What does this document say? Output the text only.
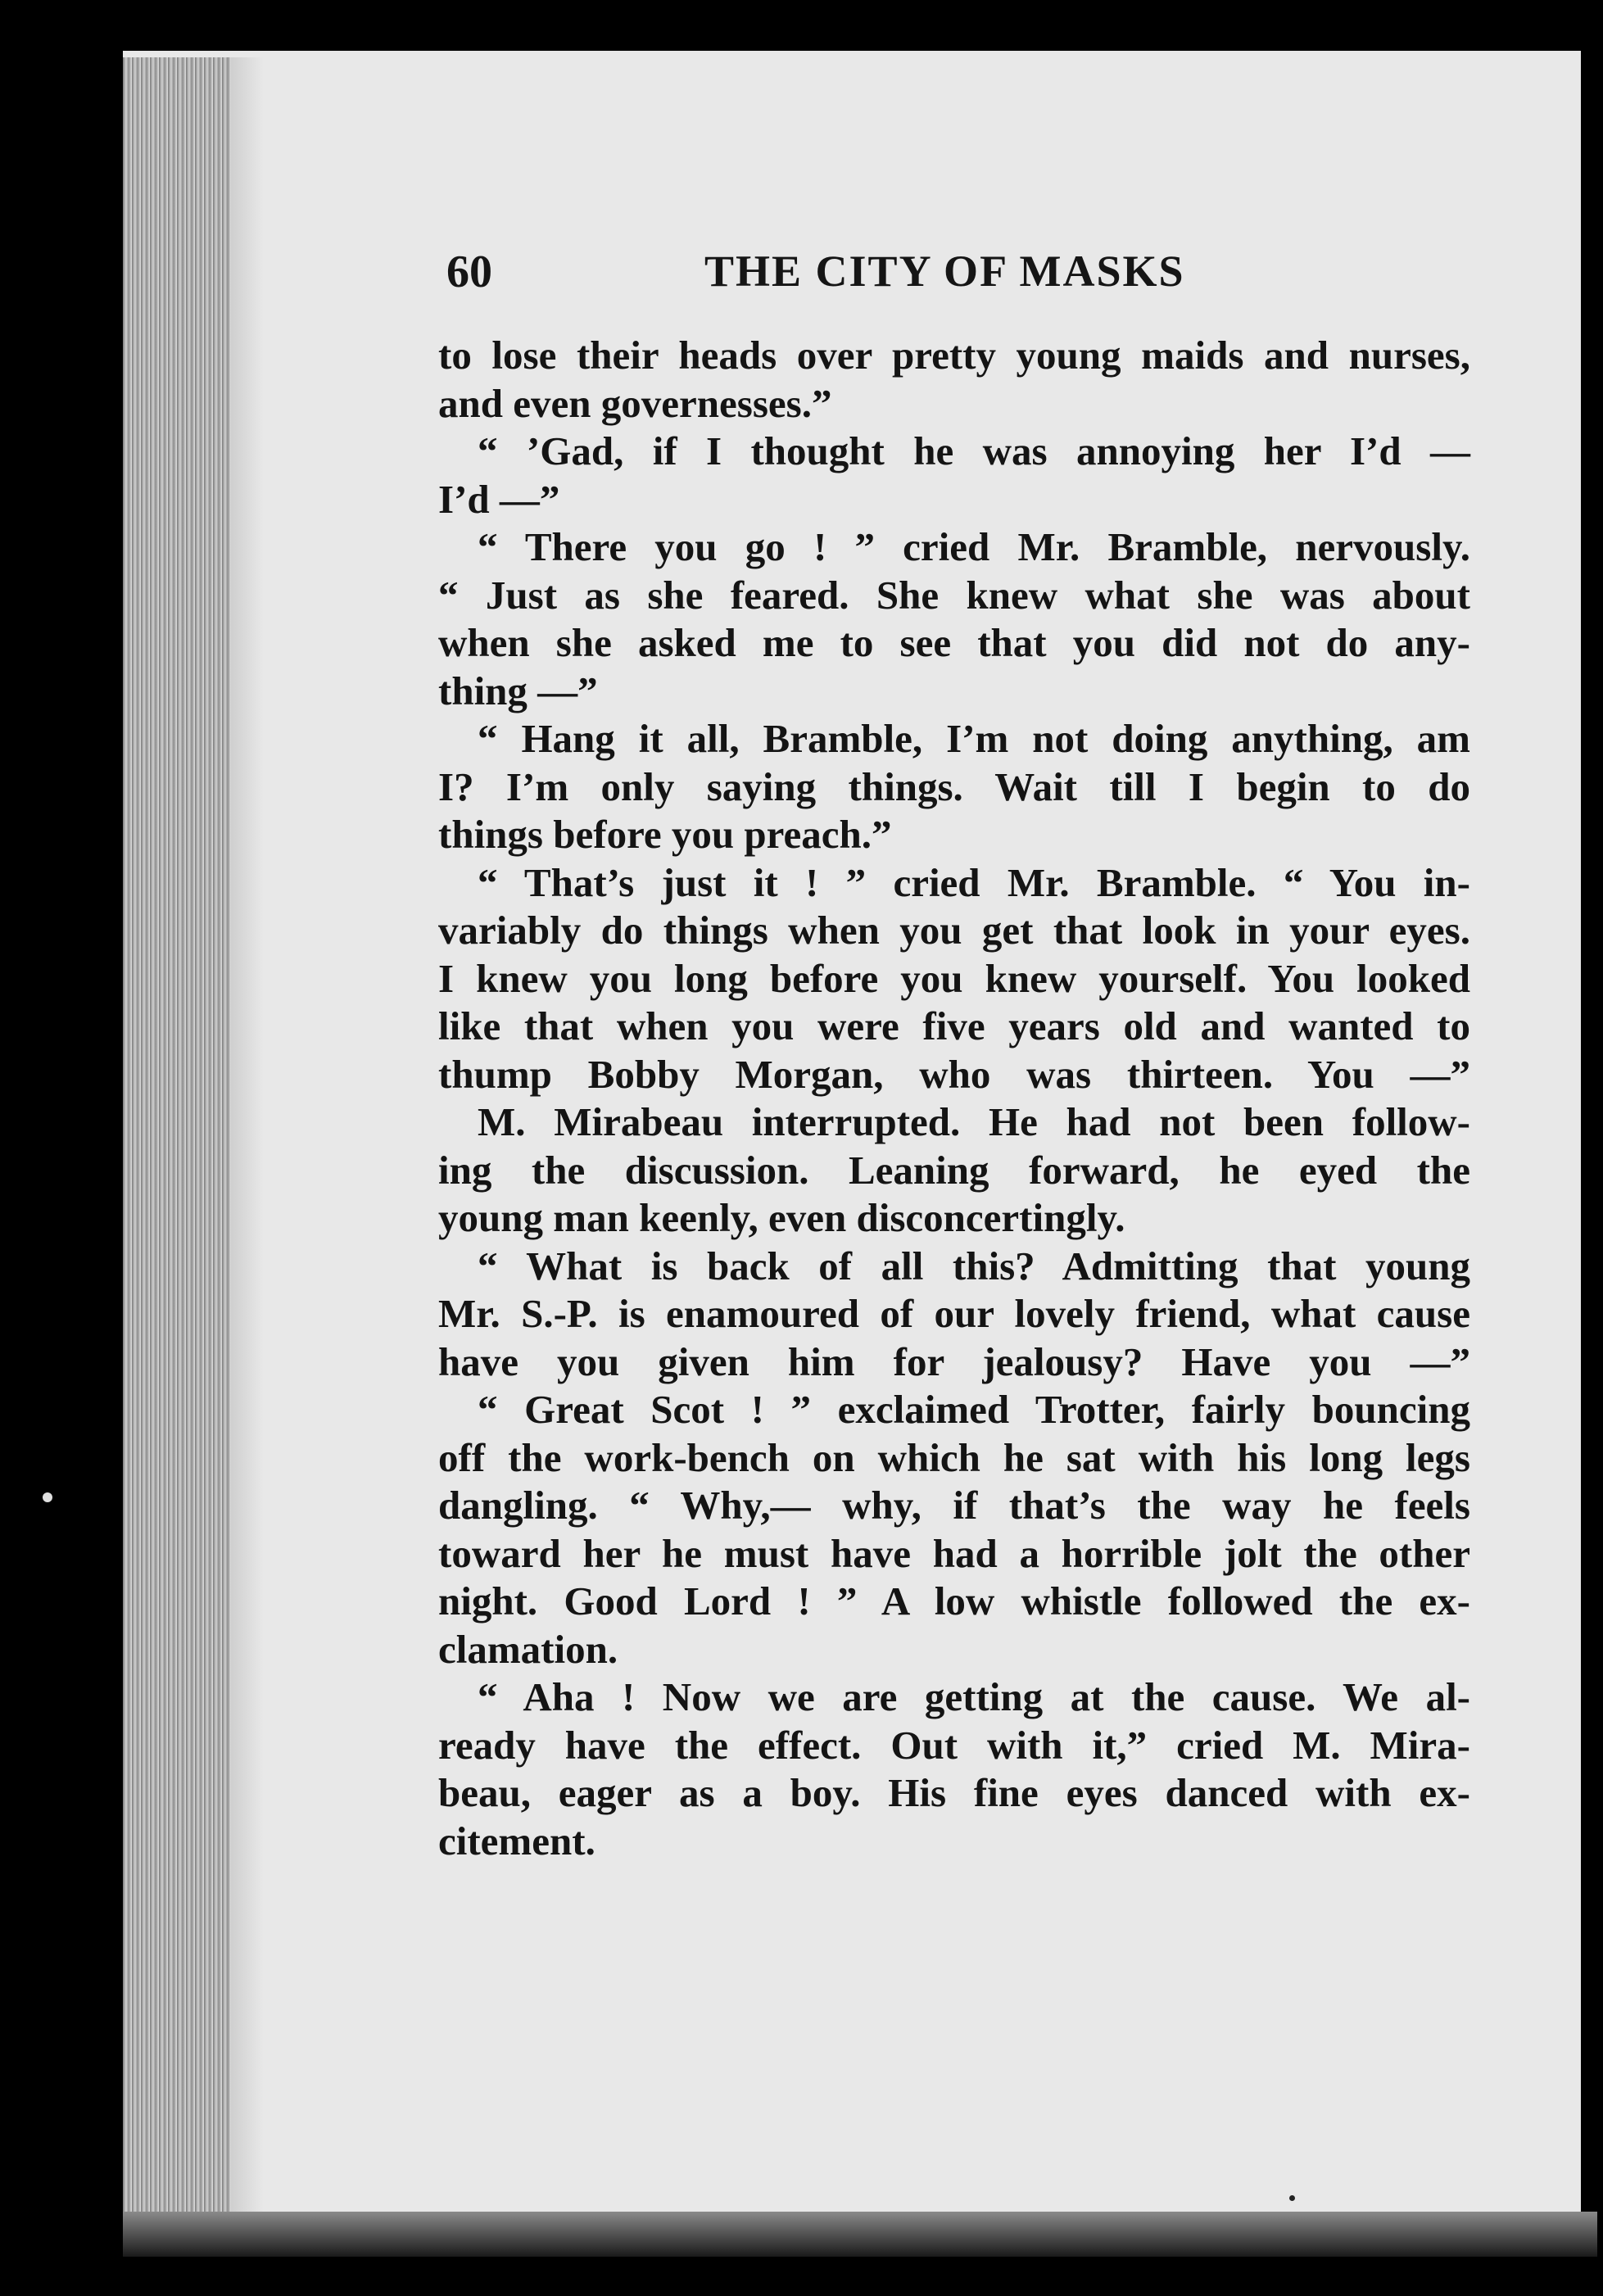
60	THE CITY OF MASKS
to lose their heads over pretty young maids and nurses,
and even governesses.”
“ ’Gad, if I thought he was annoying her I’d —
I’d —”
“ There you go ! ” cried Mr. Bramble, nervously.
“ Just as she feared. She knew what she was about
when she asked me to see that you did not do any-
thing —”
“ Hang it all, Bramble, I’m not doing anything, am
I? I’m only saying things. Wait till I begin to do
things before you preach.”
“ That’s just it ! ” cried Mr. Bramble. “ You in-
variably do things when you get that look in your eyes.
I knew you long before you knew yourself. You looked
like that when you were five years old and wanted to
thump Bobby Morgan, who was thirteen. You —”
M. Mirabeau interrupted. He had not been follow-
ing the discussion. Leaning forward, he eyed the
young man keenly, even disconcertingly.
“ What is back of all this? Admitting that young
Mr. S.-P. is enamoured of our lovely friend, what cause
have you given him for jealousy? Have you —”
“ Great Scot ! ” exclaimed Trotter, fairly bouncing
off the work-bench on which he sat with his long legs
dangling. “ Why,— why, if that’s the way he feels
toward her he must have had a horrible jolt the other
night. Good Lord ! ” A low whistle followed the ex-
clamation.
“ Aha ! Now we are getting at the cause. We al-
ready have the effect. Out with it,” cried M. Mira-
beau, eager as a boy. His fine eyes danced with ex-
citement.
